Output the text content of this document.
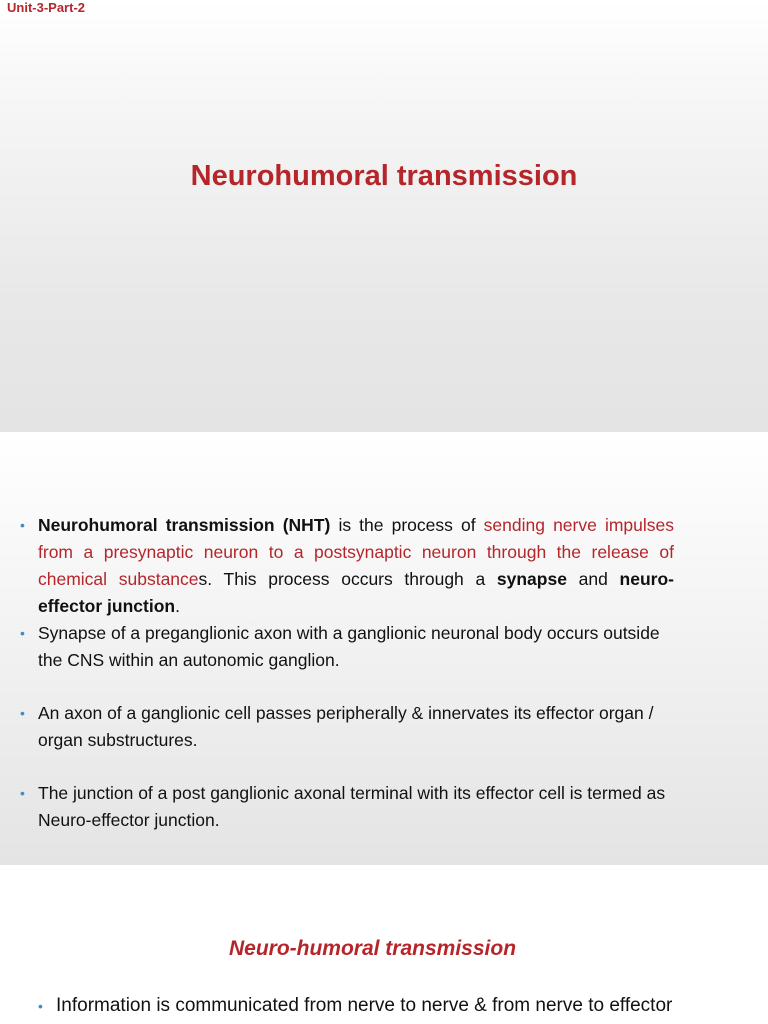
Unit-3-Part-2

Neurohumoral transmission
• Neurohumoral transmission (NHT) is the process of sending nerve impulses from a presynaptic neuron to a postsynaptic neuron through the release of chemical substances. This process occurs through a synapse and neuro-effector junction.
• Synapse of a preganglionic axon with a ganglionic neuronal body occurs outside the CNS within an autonomic ganglion.
• An axon of a ganglionic cell passes peripherally & innervates its effector organ / organ substructures.
• The junction of a post ganglionic axonal terminal with its effector cell is termed as Neuro-effector junction.
Neuro-humoral transmission
• Information is communicated from nerve to nerve & from nerve to effector
